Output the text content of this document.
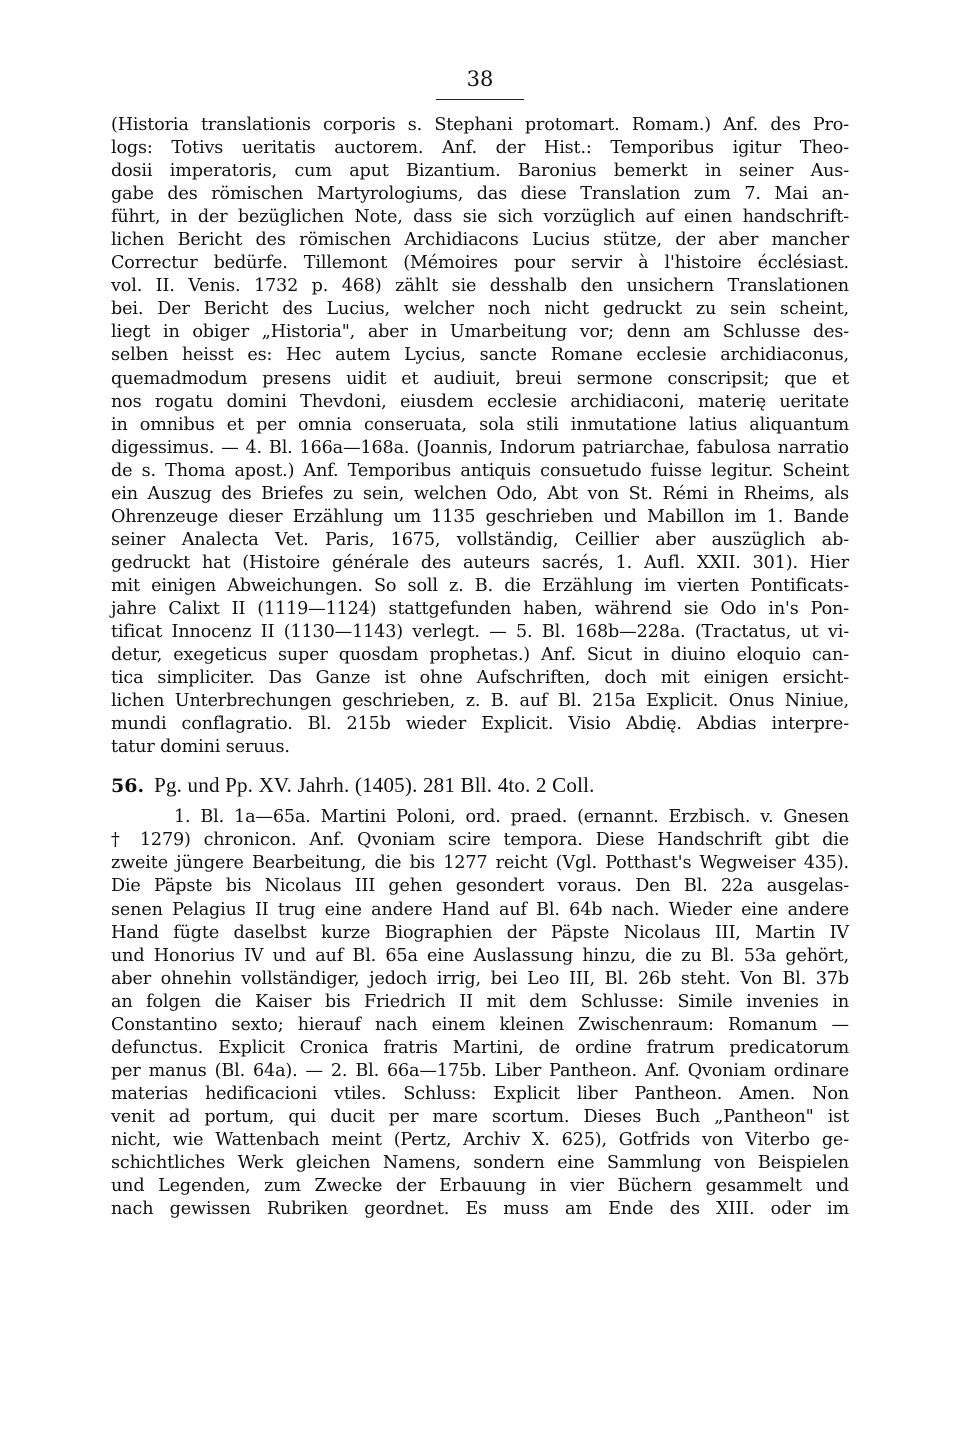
38
(Historia translationis corporis s. Stephani protomart. Romam.) Anf. des Pro-
logs: Totivs ueritatis auctorem. Anf. der Hist.: Temporibus igitur Theo-
dosii imperatoris, cum aput Bizantium. Baronius bemerkt in seiner Aus-
gabe des römischen Martyrologiums, das diese Translation zum 7. Mai an-
führt, in der bezüglichen Note, dass sie sich vorzüglich auf einen handschrift-
lichen Bericht des römischen Archidiacons Lucius stütze, der aber mancher
Correctur bedürfe. Tillemont (Mémoires pour servir à l'histoire écclésiast.
vol. II. Venis. 1732 p. 468) zählt sie desshalb den unsichern Translationen
bei. Der Bericht des Lucius, welcher noch nicht gedruckt zu sein scheint,
liegt in obiger „Historia", aber in Umarbeitung vor; denn am Schlusse des-
selben heisst es: Hec autem Lycius, sancte Romane ecclesie archidiaconus,
quemadmodum presens uidit et audiuit, breui sermone conscripsit; que et
nos rogatu domini Thevdoni, eiusdem ecclesie archidiaconi, materię ueritate
in omnibus et per omnia conseruata, sola stili inmutatione latius aliquantum
digessimus. — 4. Bl. 166a—168a. (Joannis, Indorum patriarchae, fabulosa narratio
de s. Thoma apost.) Anf. Temporibus antiquis consuetudo fuisse legitur. Scheint
ein Auszug des Briefes zu sein, welchen Odo, Abt von St. Rémi in Rheims, als
Ohrenzeuge dieser Erzählung um 1135 geschrieben und Mabillon im 1. Bande
seiner Analecta Vet. Paris, 1675, vollständig, Ceillier aber auszüglich ab-
gedruckt hat (Histoire générale des auteurs sacrés, 1. Aufl. XXII. 301). Hier
mit einigen Abweichungen. So soll z. B. die Erzählung im vierten Pontificats-
jahre Calixt II (1119—1124) stattgefunden haben, während sie Odo in's Pon-
tificat Innocenz II (1130—1143) verlegt. — 5. Bl. 168b—228a. (Tractatus, ut vi-
detur, exegeticus super quosdam prophetas.) Anf. Sicut in diuino eloquio can-
tica simpliciter. Das Ganze ist ohne Aufschriften, doch mit einigen ersicht-
lichen Unterbrechungen geschrieben, z. B. auf Bl. 215a Explicit. Onus Niniue,
mundi conflagratio. Bl. 215b wieder Explicit. Visio Abdię. Abdias interpre-
tatur domini seruus.
56. Pg. und Pp. XV. Jahrh. (1405). 281 Bll. 4to. 2 Coll.
1. Bl. 1a—65a. Martini Poloni, ord. praed. (ernannt. Erzbisch. v. Gnesen
† 1279) chronicon. Anf. Qvoniam scire tempora. Diese Handschrift gibt die
zweite jüngere Bearbeitung, die bis 1277 reicht (Vgl. Potthast's Wegweiser 435).
Die Päpste bis Nicolaus III gehen gesondert voraus. Den Bl. 22a ausgelas-
senen Pelagius II trug eine andere Hand auf Bl. 64b nach. Wieder eine andere
Hand fügte daselbst kurze Biographien der Päpste Nicolaus III, Martin IV
und Honorius IV und auf Bl. 65a eine Auslassung hinzu, die zu Bl. 53a gehört,
aber ohnehin vollständiger, jedoch irrig, bei Leo III, Bl. 26b steht. Von Bl. 37b
an folgen die Kaiser bis Friedrich II mit dem Schlusse: Simile invenies in
Constantino sexto; hierauf nach einem kleinen Zwischenraum: Romanum —
defunctus. Explicit Cronica fratris Martini, de ordine fratrum predicatorum
per manus (Bl. 64a). — 2. Bl. 66a—175b. Liber Pantheon. Anf. Qvoniam ordinare
materias hedificacioni vtiles. Schluss: Explicit liber Pantheon. Amen. Non
venit ad portum, qui ducit per mare scortum. Dieses Buch „Pantheon" ist
nicht, wie Wattenbach meint (Pertz, Archiv X. 625), Gotfrids von Viterbo ge-
schichtliches Werk gleichen Namens, sondern eine Sammlung von Beispielen
und Legenden, zum Zwecke der Erbauung in vier Büchern gesammelt und
nach gewissen Rubriken geordnet. Es muss am Ende des XIII. oder im
